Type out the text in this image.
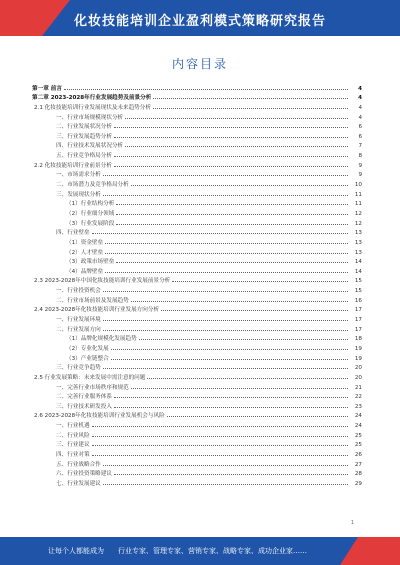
化妆技能培训企业盈利模式策略研究报告
内容目录
第一章 前言	4
第二章 2023-2028年行业发展趋势及前景分析	4
2.1 化妆技能培训行业发展现状及未来趋势分析	4
一、行业市场规模现状分析	4
二、行业发展状况分析	6
三、行业发展趋势分析	6
四、行业技术发展状况分析	7
五、行业竞争格局分析	8
2.2 化妆技能培训行业前景分析	9
一、市场需求分析	9
二、市场潜力及竞争格局分析	10
三、发展现状分析	11
（1）行业结构分析	11
（2）行业细分领域	12
（3）行业发展阶段	12
四、行业壁垒	13
（1）资金壁垒	13
（2）人才壁垒	13
（3）政策市场壁垒	14
（4）品牌壁垒	14
2.3 2023-2028年中国化妆技能培训行业发展前景分析	15
一、行业投资机会	15
二、行业市场前景及发展趋势	16
2.4 2023-2028年化妆技能培训行业发展方向分析	17
一、行业发展环境	17
二、行业发展方向	17
（1）品牌化规模化发展趋势	18
（2）专业化发展	19
（3）产业链整合	19
三、行业竞争趋势	20
2.5 行业发展策略：未来发展中需注意的问题	20
一、完善行业市场秩序和规范	21
二、完善行业服务体系	22
三、行业技术研发投入	23
2.6 2023-2028年化妆技能培训行业发展机会与风险	24
一、行业机遇	24
二、行业风险	25
三、行业建议	25
四、行业对策	26
五、行业战略合作	27
六、行业投资策略建议	28
七、行业发展建议	29
1
让每个人都能成为 行业专家、管理专家、营销专家、战略专家、成功企业家……
